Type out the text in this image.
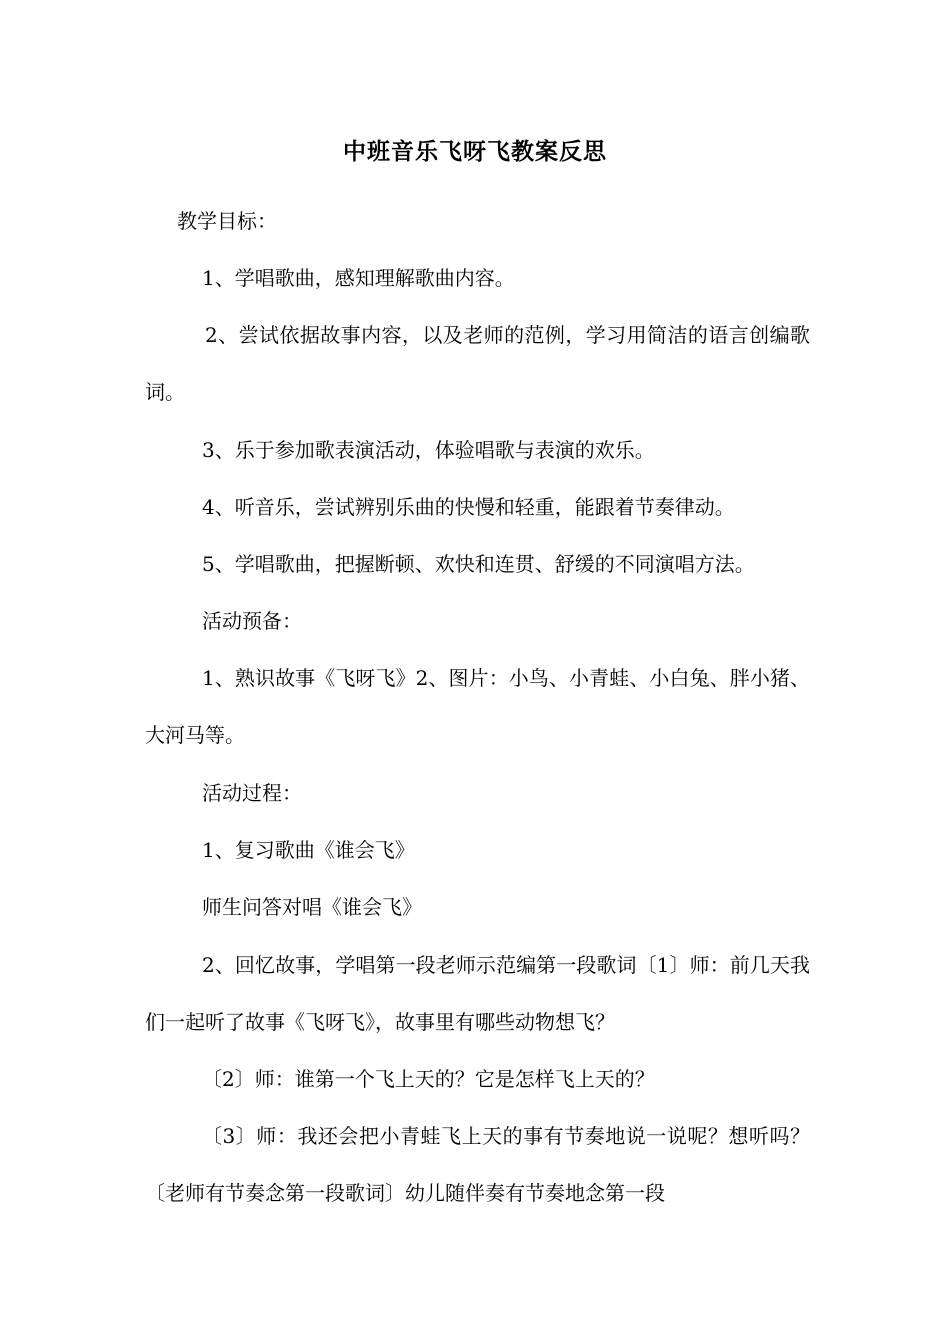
中班音乐飞呀飞教案反思

教学目标：

1、学唱歌曲，感知理解歌曲内容。

2、尝试依据故事内容，以及老师的范例，学习用简洁的语言创编歌词。

3、乐于参加歌表演活动，体验唱歌与表演的欢乐。

4、听音乐，尝试辨别乐曲的快慢和轻重，能跟着节奏律动。

5、学唱歌曲，把握断顿、欢快和连贯、舒缓的不同演唱方法。

活动预备：

1、熟识故事《飞呀飞》2、图片：小鸟、小青蛙、小白兔、胖小猪、大河马等。

活动过程：

1、复习歌曲《谁会飞》

师生问答对唱《谁会飞》

2、回忆故事，学唱第一段老师示范编第一段歌词〔1〕师：前几天我们一起听了故事《飞呀飞》，故事里有哪些动物想飞？

〔2〕师：谁第一个飞上天的？它是怎样飞上天的？

〔3〕师：我还会把小青蛙飞上天的事有节奏地说一说呢？想听吗？〔老师有节奏念第一段歌词〕幼儿随伴奏有节奏地念第一段
